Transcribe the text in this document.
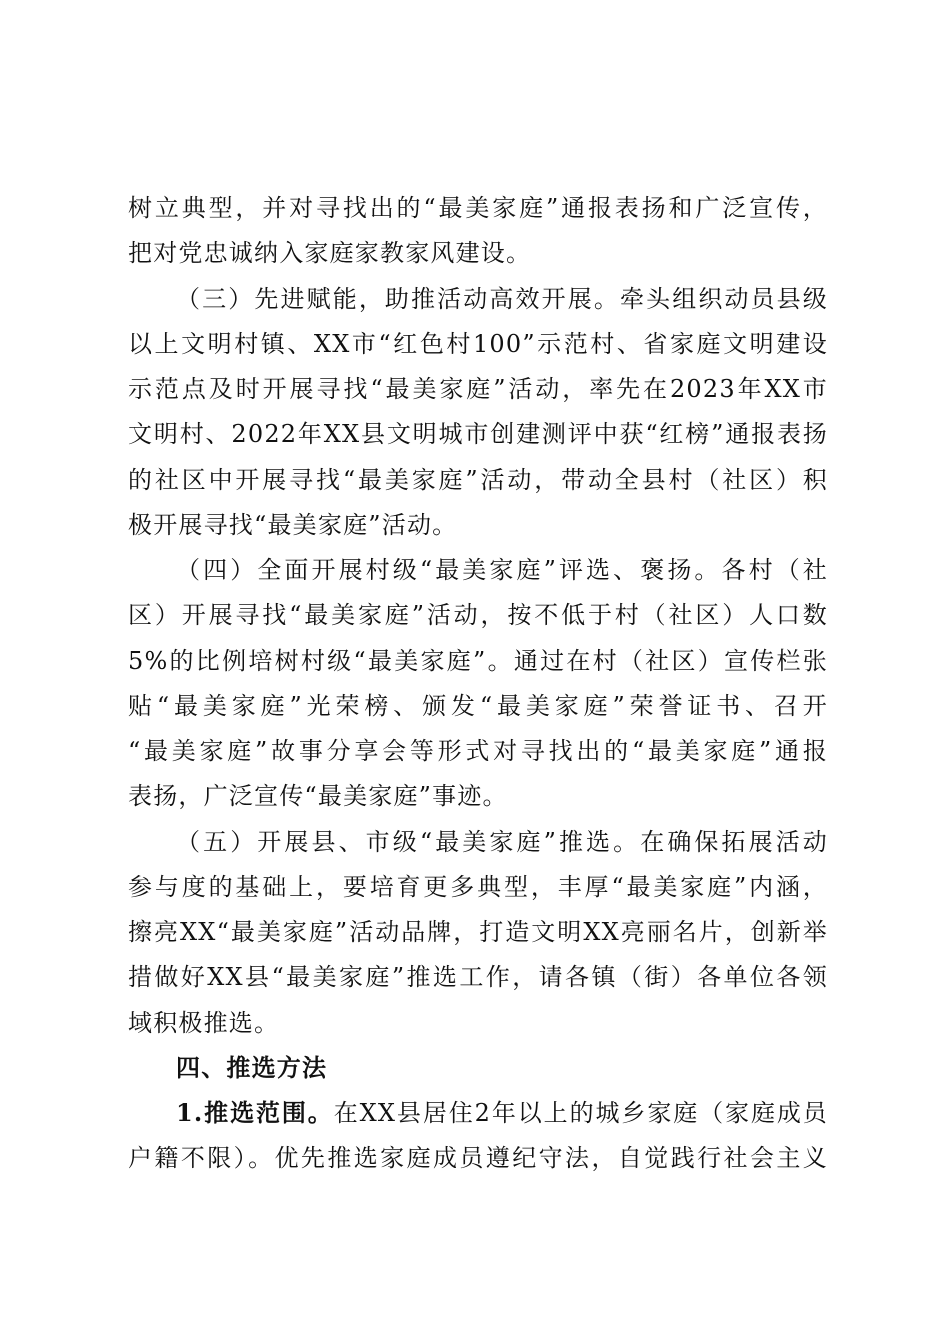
树立典型，并对寻找出的“最美家庭”通报表扬和广泛宣传，
把对党忠诚纳入家庭家教家风建设。
（三）先进赋能，助推活动高效开展。牵头组织动员县级
以上文明村镇、XX市“红色村100”示范村、省家庭文明建设
示范点及时开展寻找“最美家庭”活动，率先在2023年XX市
文明村、2022年XX县文明城市创建测评中获“红榜”通报表扬
的社区中开展寻找“最美家庭”活动，带动全县村（社区）积
极开展寻找“最美家庭”活动。
（四）全面开展村级“最美家庭”评选、褒扬。各村（社
区）开展寻找“最美家庭”活动，按不低于村（社区）人口数
5%的比例培树村级“最美家庭”。通过在村（社区）宣传栏张
贴“最美家庭”光荣榜、颁发“最美家庭”荣誉证书、召开
“最美家庭”故事分享会等形式对寻找出的“最美家庭”通报
表扬，广泛宣传“最美家庭”事迹。
（五）开展县、市级“最美家庭”推选。在确保拓展活动
参与度的基础上，要培育更多典型，丰厚“最美家庭”内涵，
擦亮XX“最美家庭”活动品牌，打造文明XX亮丽名片，创新举
措做好XX县“最美家庭”推选工作，请各镇（街）各单位各领
域积极推选。
四、推选方法
1.推选范围。在XX县居住2年以上的城乡家庭（家庭成员
户籍不限）。优先推选家庭成员遵纪守法，自觉践行社会主义
